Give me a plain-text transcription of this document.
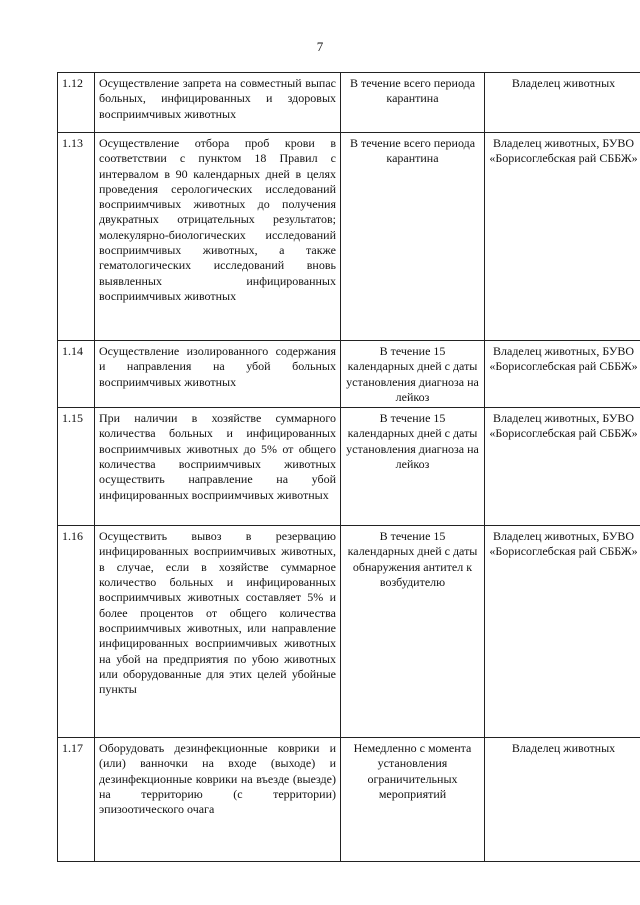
7
1.12	Осуществление запрета на совместный выпас больных, инфицированных и здоровых восприимчивых животных	В течение всего периода карантина	Владелец животных
1.13	Осуществление отбора проб крови в соответствии с пунктом 18 Правил с интервалом в 90 календарных дней в целях проведения серологических исследований восприимчивых животных до получения двукратных отрицательных результатов; молекулярно-биологических исследований восприимчивых животных, а также гематологических исследований вновь выявленных инфицированных восприимчивых животных	В течение всего периода карантина	Владелец животных, БУВО «Борисоглебская рай СББЖ»
1.14	Осуществление изолированного содержания и направления на убой больных восприимчивых животных	В течение 15 календарных дней с даты установления диагноза на лейкоз	Владелец животных, БУВО «Борисоглебская рай СББЖ»
1.15	При наличии в хозяйстве суммарного количества больных и инфицированных восприимчивых животных до 5% от общего количества восприимчивых животных осуществить направление на убой инфицированных восприимчивых животных	В течение 15 календарных дней с даты установления диагноза на лейкоз	Владелец животных, БУВО «Борисоглебская рай СББЖ»
1.16	Осуществить вывоз в резервацию инфицированных восприимчивых животных, в случае, если в хозяйстве суммарное количество больных и инфицированных восприимчивых животных составляет 5% и более процентов от общего количества восприимчивых животных, или направление инфицированных восприимчивых животных на убой на предприятия по убою животных или оборудованные для этих целей убойные пункты	В течение 15 календарных дней с даты обнаружения антител к возбудителю	Владелец животных, БУВО «Борисоглебская рай СББЖ»
1.17	Оборудовать дезинфекционные коврики и (или) ванночки на входе (выходе) и дезинфекционные коврики на въезде (выезде) на территорию (с территории) эпизоотического очага	Немедленно с момента установления ограничительных мероприятий	Владелец животных
